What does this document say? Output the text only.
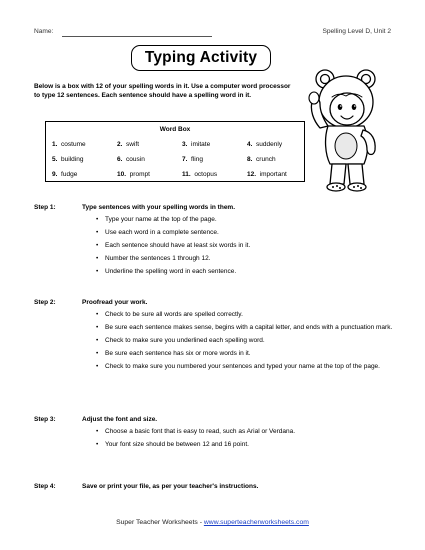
Name:	Spelling Level D, Unit 2
Typing Activity
Below is a box with 12 of your spelling words in it. Use a computer word processor to type 12 sentences. Each sentence should have a spelling word in it.
Word Box
1. costume	2. swift	3. imitate	4. suddenly
5. building	6. cousin	7. fling	8. crunch
9. fudge	10. prompt	11. octopus	12. important
Step 1:	Type sentences with your spelling words in them.
• Type your name at the top of the page.
• Use each word in a complete sentence.
• Each sentence should have at least six words in it.
• Number the sentences 1 through 12.
• Underline the spelling word in each sentence.
Step 2:	Proofread your work.
• Check to be sure all words are spelled correctly.
• Be sure each sentence makes sense, begins with a capital letter, and ends with a punctuation mark.
• Check to make sure you underlined each spelling word.
• Be sure each sentence has six or more words in it.
• Check to make sure you numbered your sentences and typed your name at the top of the page.
Step 3:	Adjust the font and size.
• Choose a basic font that is easy to read, such as Arial or Verdana.
• Your font size should be between 12 and 16 point.
Step 4:	Save or print your file, as per your teacher's instructions.
Super Teacher Worksheets - www.superteacherworksheets.com
